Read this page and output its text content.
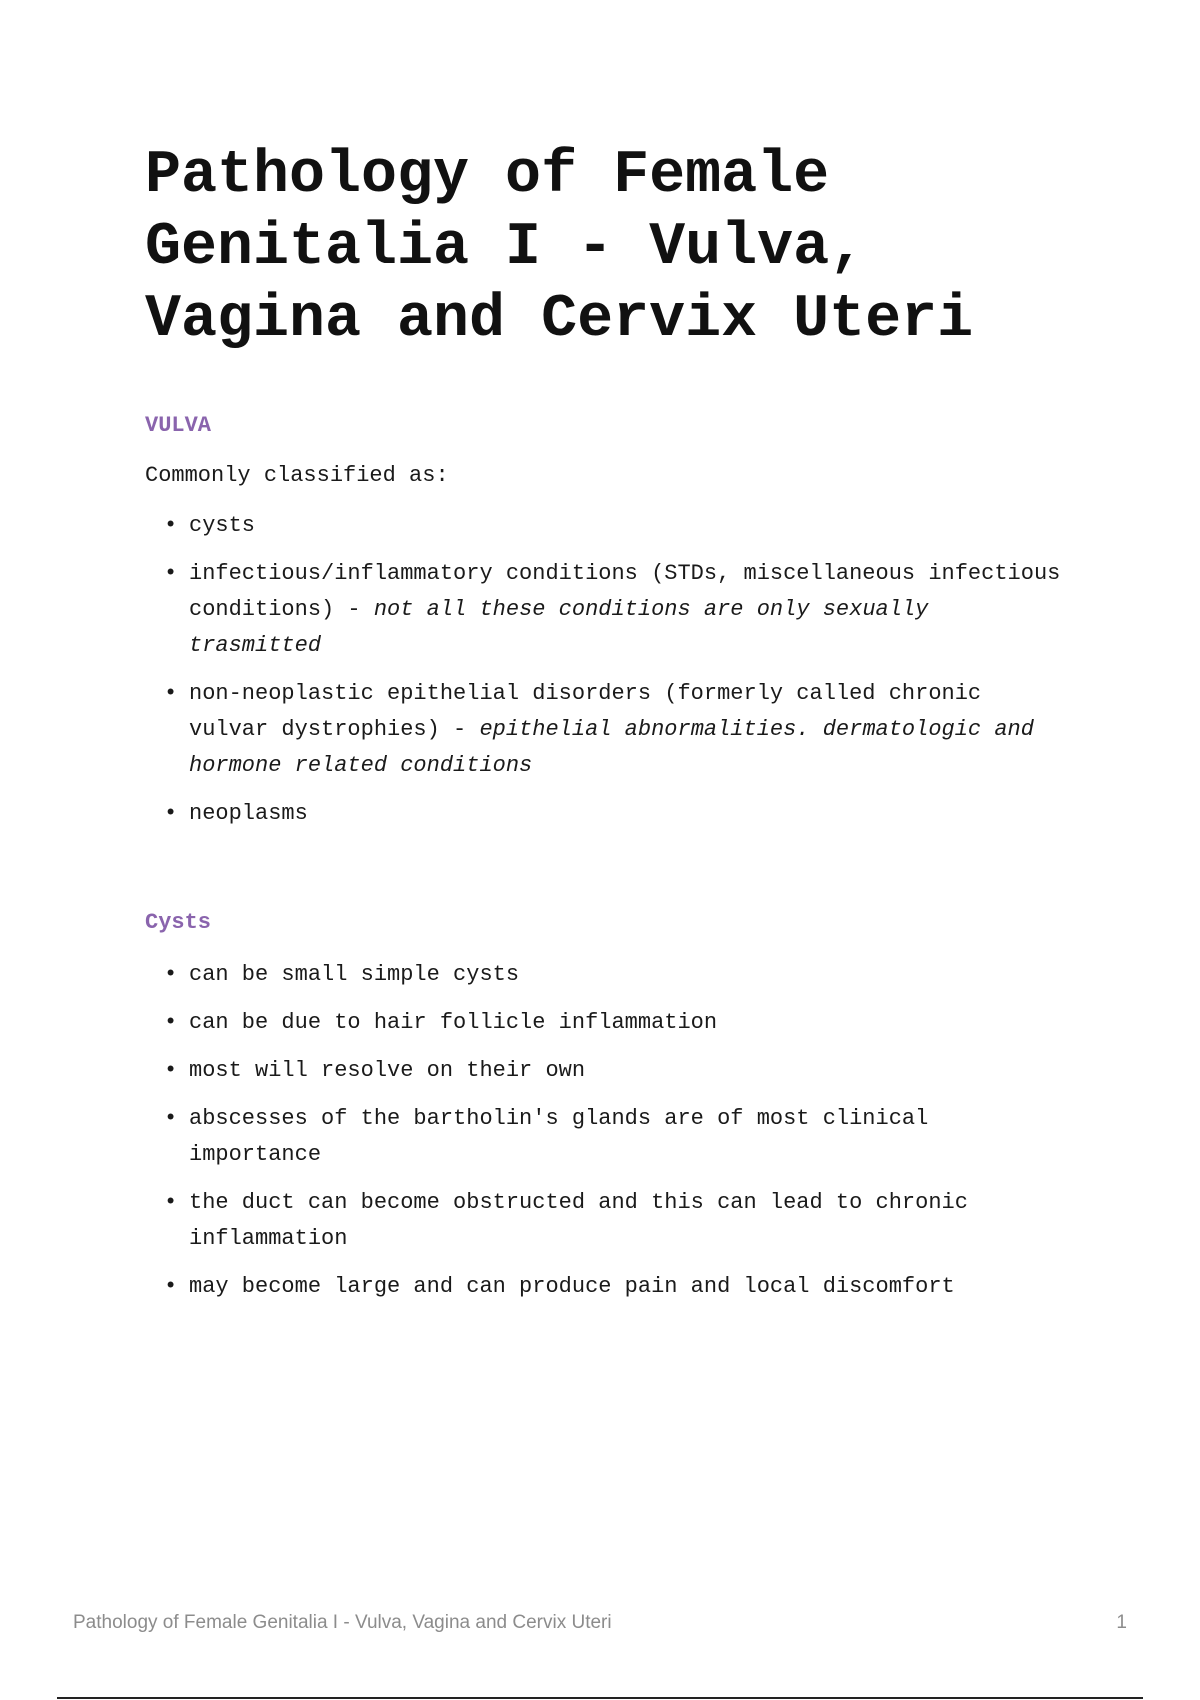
Pathology of Female Genitalia I - Vulva, Vagina and Cervix Uteri
VULVA

Commonly classified as:

• cysts
• infectious/inflammatory conditions (STDs, miscellaneous infectious conditions) - not all these conditions are only sexually trasmitted
• non-neoplastic epithelial disorders (formerly called chronic vulvar dystrophies) - epithelial abnormalities. dermatologic and hormone related conditions
• neoplasms
Cysts
• can be small simple cysts
• can be due to hair follicle inflammation
• most will resolve on their own
• abscesses of the bartholin's glands are of most clinical importance
• the duct can become obstructed and this can lead to chronic inflammation
• may become large and can produce pain and local discomfort
Pathology of Female Genitalia I - Vulva, Vagina and Cervix Uteri	1
